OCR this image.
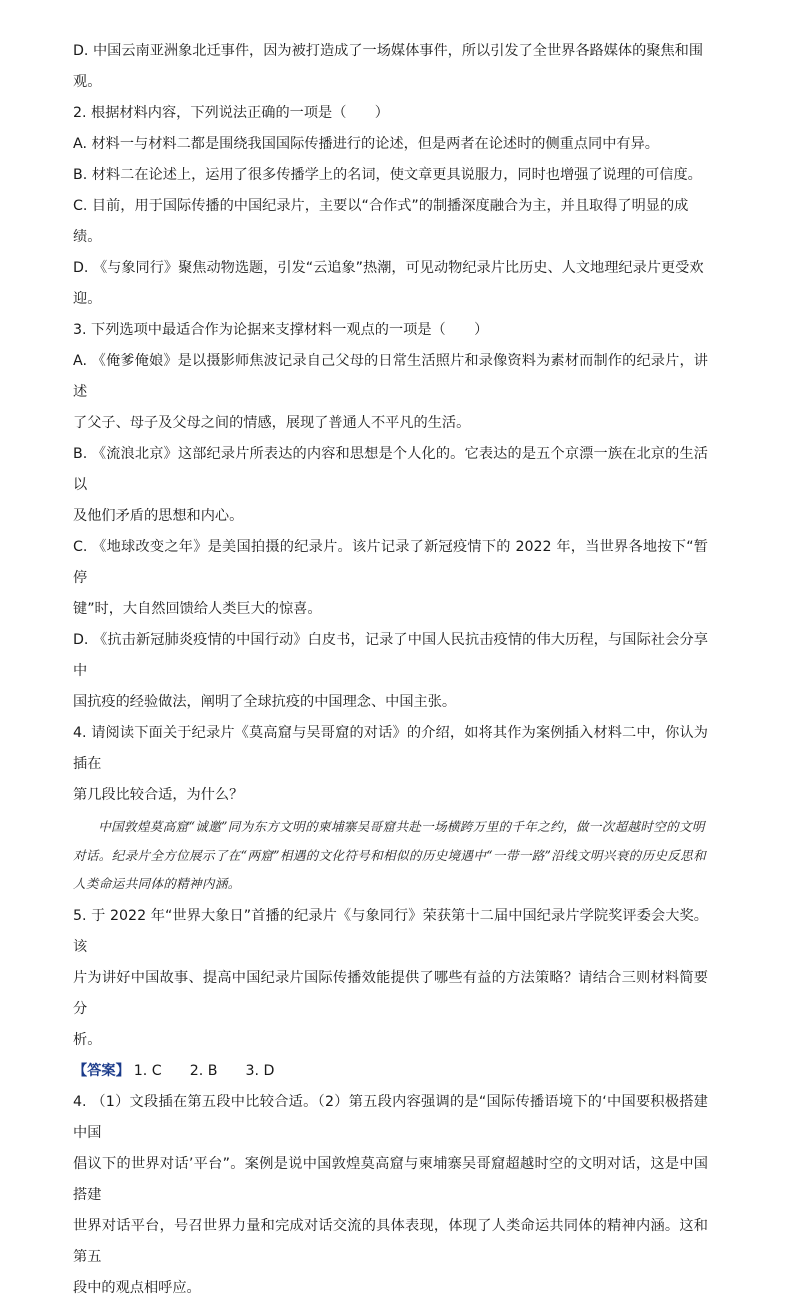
D. 中国云南亚洲象北迁事件，因为被打造成了一场媒体事件，所以引发了全世界各路媒体的聚焦和围

观。

2. 根据材料内容，下列说法正确的一项是（　　）

A. 材料一与材料二都是围绕我国国际传播进行的论述，但是两者在论述时的侧重点同中有异。

B. 材料二在论述上，运用了很多传播学上的名词，使文章更具说服力，同时也增强了说理的可信度。

C. 目前，用于国际传播的中国纪录片，主要以“合作式”的制播深度融合为主，并且取得了明显的成

绩。

D. 《与象同行》聚焦动物选题，引发“云追象”热潮，可见动物纪录片比历史、人文地理纪录片更受欢

迎。

3. 下列选项中最适合作为论据来支撑材料一观点的一项是（　　）

A. 《俺爹俺娘》是以摄影师焦波记录自己父母的日常生活照片和录像资料为素材而制作的纪录片，讲述

了父子、母子及父母之间的情感，展现了普通人不平凡的生活。

B. 《流浪北京》这部纪录片所表达的内容和思想是个人化的。它表达的是五个京漂一族在北京的生活以

及他们矛盾的思想和内心。

C. 《地球改变之年》是美国拍摄的纪录片。该片记录了新冠疫情下的 2022 年，当世界各地按下“暂停

键”时，大自然回馈给人类巨大的惊喜。

D. 《抗击新冠肺炎疫情的中国行动》白皮书，记录了中国人民抗击疫情的伟大历程，与国际社会分享中

国抗疫的经验做法，阐明了全球抗疫的中国理念、中国主张。

4. 请阅读下面关于纪录片《莫高窟与吴哥窟的对话》的介绍，如将其作为案例插入材料二中，你认为插在

第几段比较合适，为什么？

中国敦煌莫高窟“诚邀”同为东方文明的柬埔寨吴哥窟共赴一场横跨万里的千年之约，做一次超越时空的文明对话。纪录片全方位展示了在“两窟”相遇的文化符号和相似的历史境遇中“一带一路”沿线文明兴衰的历史反思和人类命运共同体的精神内涵。

5. 于 2022 年“世界大象日”首播的纪录片《与象同行》荣获第十二届中国纪录片学院奖评委会大奖。该

片为讲好中国故事、提高中国纪录片国际传播效能提供了哪些有益的方法策略？请结合三则材料简要分

析。

【答案】 1. C 2. B 3. D

4. （1）文段插在第五段中比较合适。（2）第五段内容强调的是“国际传播语境下的‘中国要积极搭建中国

倡议下的世界对话’平台”。案例是说中国敦煌莫高窟与柬埔寨吴哥窟超越时空的文明对话，这是中国搭建

世界对话平台，号召世界力量和完成对话交流的具体表现，体现了人类命运共同体的精神内涵。这和第五

段中的观点相呼应。
